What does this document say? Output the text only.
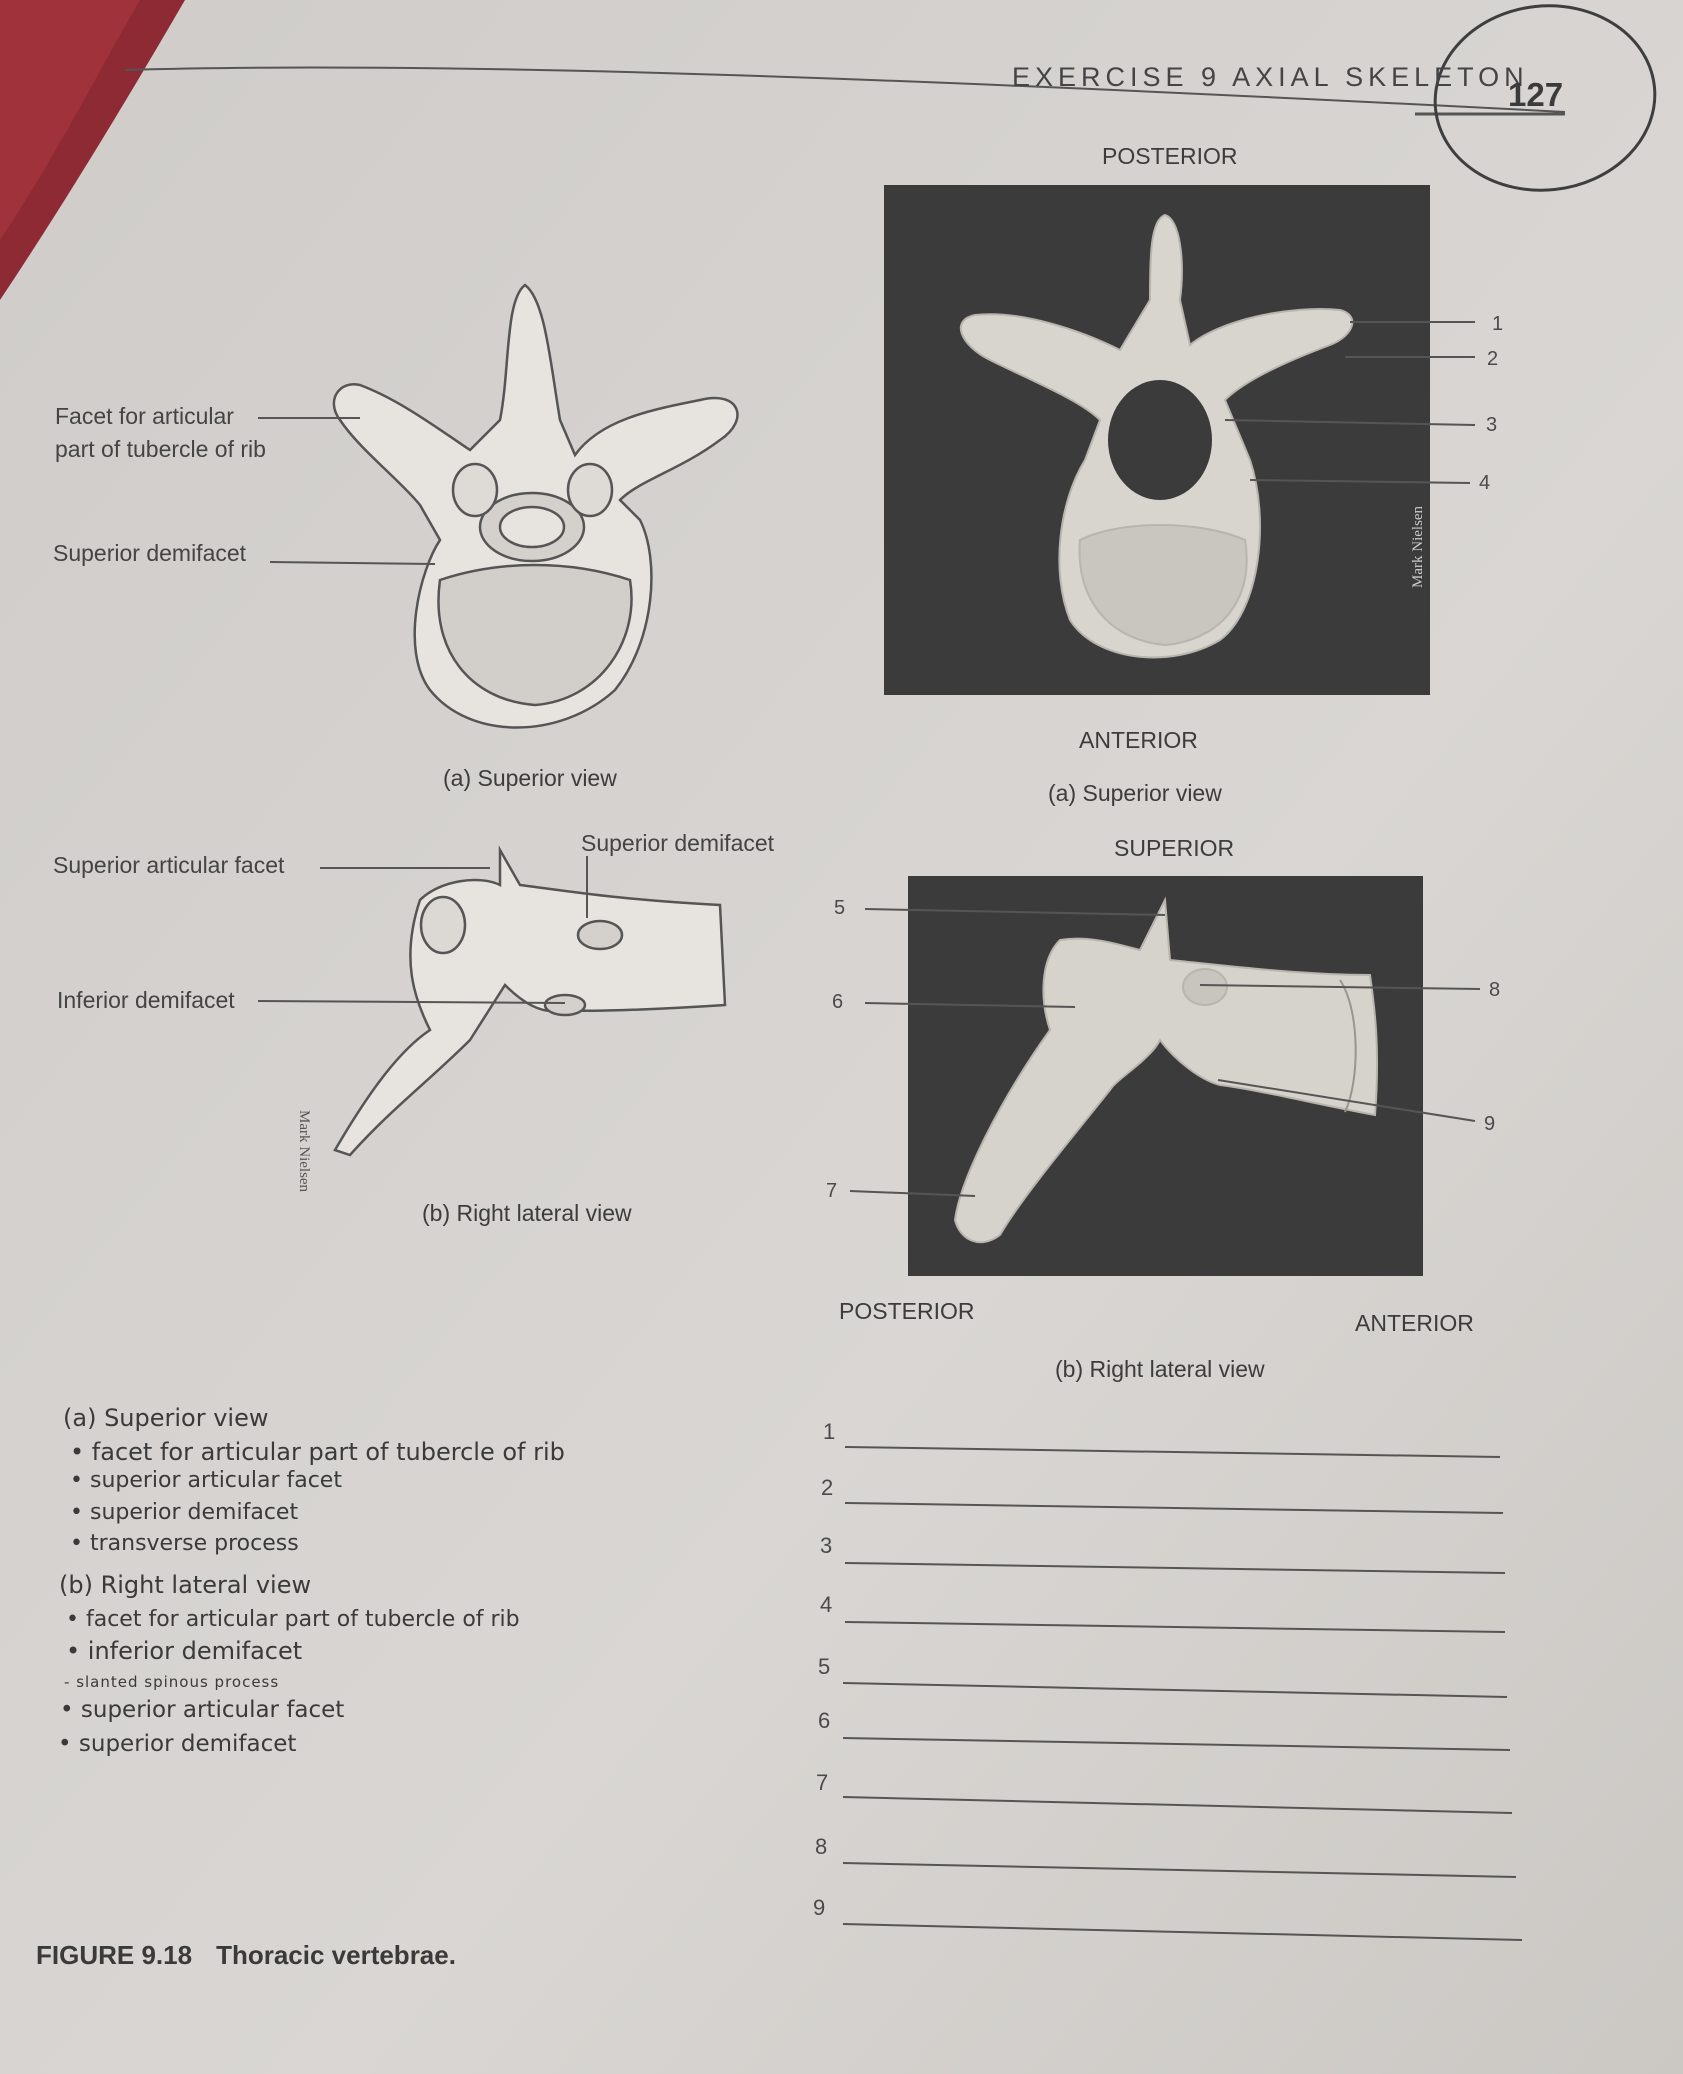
EXERCISE 9 AXIAL SKELETON
127
Facet for articular
part of tubercle of rib
Superior demifacet
(a) Superior view
Superior articular facet
Superior demifacet
Inferior demifacet
Mark Nielsen
(b) Right lateral view
POSTERIOR
ANTERIOR
(a) Superior view
Mark Nielsen
1
2
3
4
SUPERIOR
5
6
7
8
9
POSTERIOR	ANTERIOR
(b) Right lateral view
(a) Superior view
• facet for articular part of tubercle of rib
• superior articular facet
• superior demifacet
• transverse process
(b) Right lateral view
• facet for articular part of tubercle of rib
• inferior demifacet
- slanted spinous process
• superior articular facet
• superior demifacet
1
2
3
4
5
6
7
8
9
FIGURE 9.18 Thoracic vertebrae.
